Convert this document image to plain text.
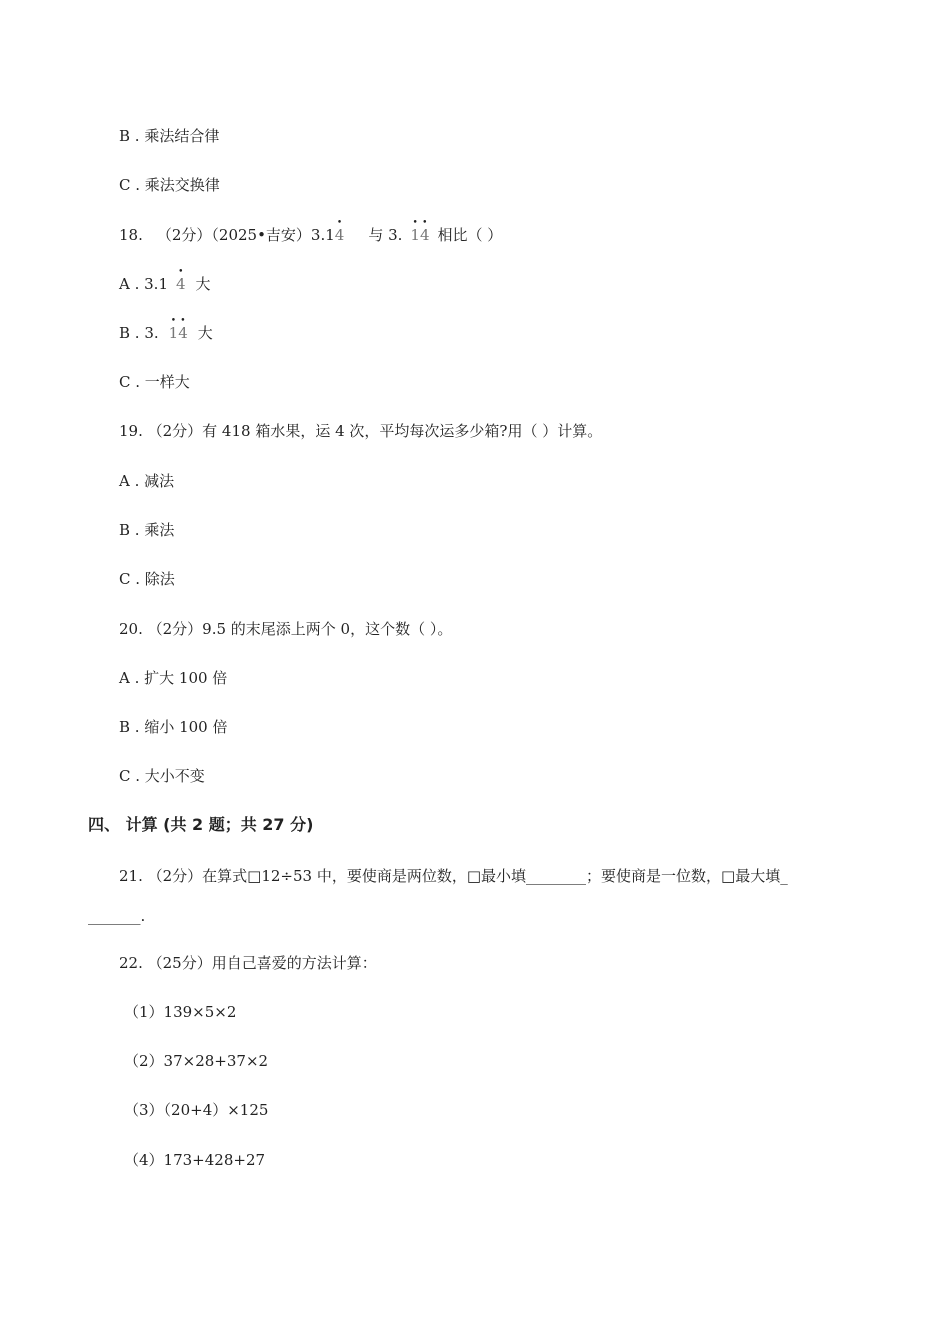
B . 乘法结合律
C . 乘法交换律
18. （2分）（2025•吉安）3.1
•
4 与 3.
•
1
•
4 相比（ ）
A . 3.1
•
4 大
B . 3.
•
1
•
4 大
C . 一样大
19. （2分）有 418 箱水果，运 4 次，平均每次运多少箱?用（ ）计算。
A . 减法
B . 乘法
C . 除法
20. （2分）9.5 的末尾添上两个 0，这个数（ ）。
A . 扩大 100 倍
B . 缩小 100 倍
C . 大小不变
四、 计算 (共 2 题；共 27 分)
21. （2分）在算式□12÷53 中，要使商是两位数，□最小填________；要使商是一位数，□最大填_
_______.
22. （25分）用自己喜爱的方法计算：
（1）139×5×2
（2）37×28+37×2
（3）（20+4）×125
（4）173+428+27
